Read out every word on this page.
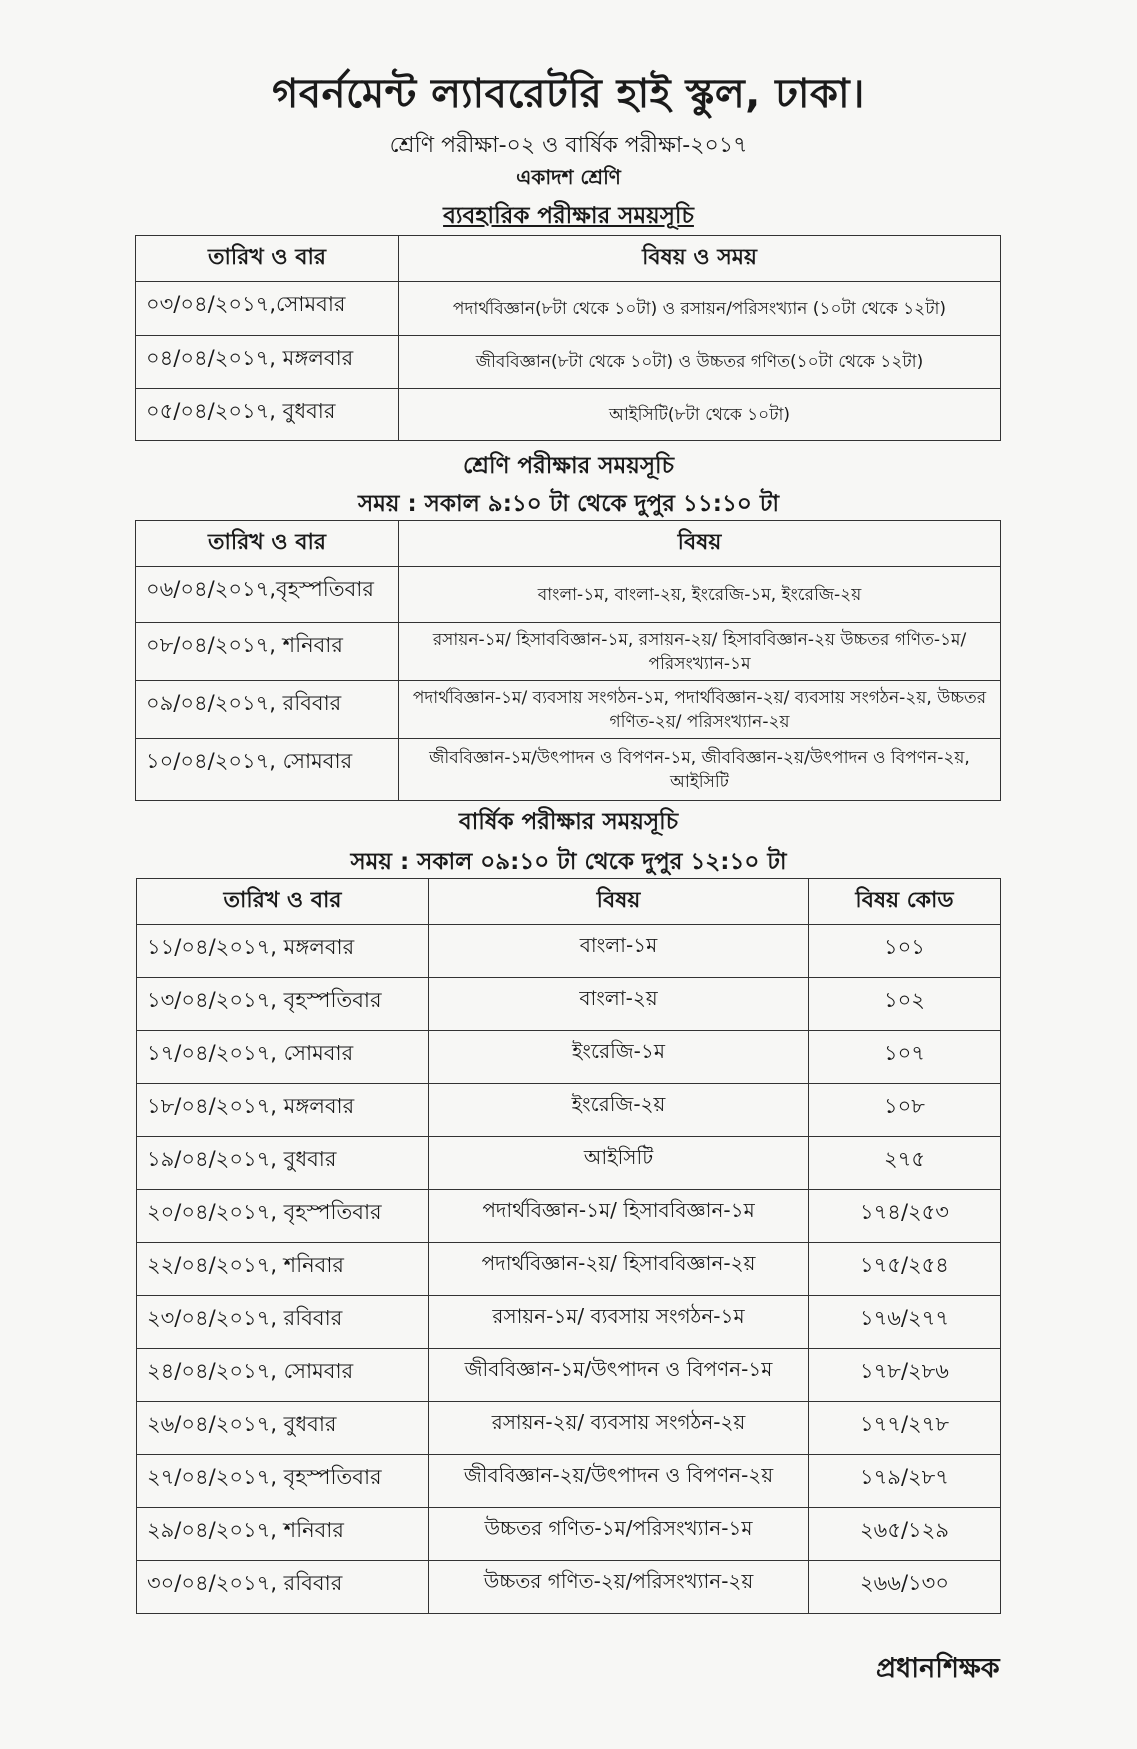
গবর্নমেন্ট ল্যাবরেটরি হাই স্কুল, ঢাকা।
শ্রেণি পরীক্ষা-০২ ও বার্ষিক পরীক্ষা-২০১৭
একাদশ শ্রেণি
ব্যবহারিক পরীক্ষার সময়সূচি
তারিখ ও বার	বিষয় ও সময়
০৩/০৪/২০১৭,সোমবার	পদার্থবিজ্ঞান(৮টা থেকে ১০টা) ও রসায়ন/পরিসংখ্যান (১০টা থেকে ১২টা)
০৪/০৪/২০১৭, মঙ্গলবার	জীববিজ্ঞান(৮টা থেকে ১০টা) ও উচ্চতর গণিত(১০টা থেকে ১২টা)
০৫/০৪/২০১৭, বুধবার	আইসিটি(৮টা থেকে ১০টা)
শ্রেণি পরীক্ষার সময়সূচি
সময় : সকাল ৯:১০ টা থেকে দুপুর ১১:১০ টা
তারিখ ও বার	বিষয়
০৬/০৪/২০১৭,বৃহস্পতিবার	বাংলা-১ম, বাংলা-২য়, ইংরেজি-১ম, ইংরেজি-২য়
০৮/০৪/২০১৭, শনিবার	রসায়ন-১ম/ হিসাববিজ্ঞান-১ম, রসায়ন-২য়/ হিসাববিজ্ঞান-২য় উচ্চতর গণিত-১ম/পরিসংখ্যান-১ম
০৯/০৪/২০১৭, রবিবার	পদার্থবিজ্ঞান-১ম/ ব্যবসায় সংগঠন-১ম, পদার্থবিজ্ঞান-২য়/ ব্যবসায় সংগঠন-২য়, উচ্চতর গণিত-২য়/ পরিসংখ্যান-২য়
১০/০৪/২০১৭, সোমবার	জীববিজ্ঞান-১ম/উৎপাদন ও বিপণন-১ম, জীববিজ্ঞান-২য়/উৎপাদন ও বিপণন-২য়, আইসিটি
বার্ষিক পরীক্ষার সময়সূচি
সময় : সকাল ০৯:১০ টা থেকে দুপুর ১২:১০ টা
তারিখ ও বার	বিষয়	বিষয় কোড
১১/০৪/২০১৭, মঙ্গলবার	বাংলা-১ম	১০১
১৩/০৪/২০১৭, বৃহস্পতিবার	বাংলা-২য়	১০২
১৭/০৪/২০১৭, সোমবার	ইংরেজি-১ম	১০৭
১৮/০৪/২০১৭, মঙ্গলবার	ইংরেজি-২য়	১০৮
১৯/০৪/২০১৭, বুধবার	আইসিটি	২৭৫
২০/০৪/২০১৭, বৃহস্পতিবার	পদার্থবিজ্ঞান-১ম/ হিসাববিজ্ঞান-১ম	১৭৪/২৫৩
২২/০৪/২০১৭, শনিবার	পদার্থবিজ্ঞান-২য়/ হিসাববিজ্ঞান-২য়	১৭৫/২৫৪
২৩/০৪/২০১৭, রবিবার	রসায়ন-১ম/ ব্যবসায় সংগঠন-১ম	১৭৬/২৭৭
২৪/০৪/২০১৭, সোমবার	জীববিজ্ঞান-১ম/উৎপাদন ও বিপণন-১ম	১৭৮/২৮৬
২৬/০৪/২০১৭, বুধবার	রসায়ন-২য়/ ব্যবসায় সংগঠন-২য়	১৭৭/২৭৮
২৭/০৪/২০১৭, বৃহস্পতিবার	জীববিজ্ঞান-২য়/উৎপাদন ও বিপণন-২য়	১৭৯/২৮৭
২৯/০৪/২০১৭, শনিবার	উচ্চতর গণিত-১ম/পরিসংখ্যান-১ম	২৬৫/১২৯
৩০/০৪/২০১৭, রবিবার	উচ্চতর গণিত-২য়/পরিসংখ্যান-২য়	২৬৬/১৩০
প্রধানশিক্ষক
